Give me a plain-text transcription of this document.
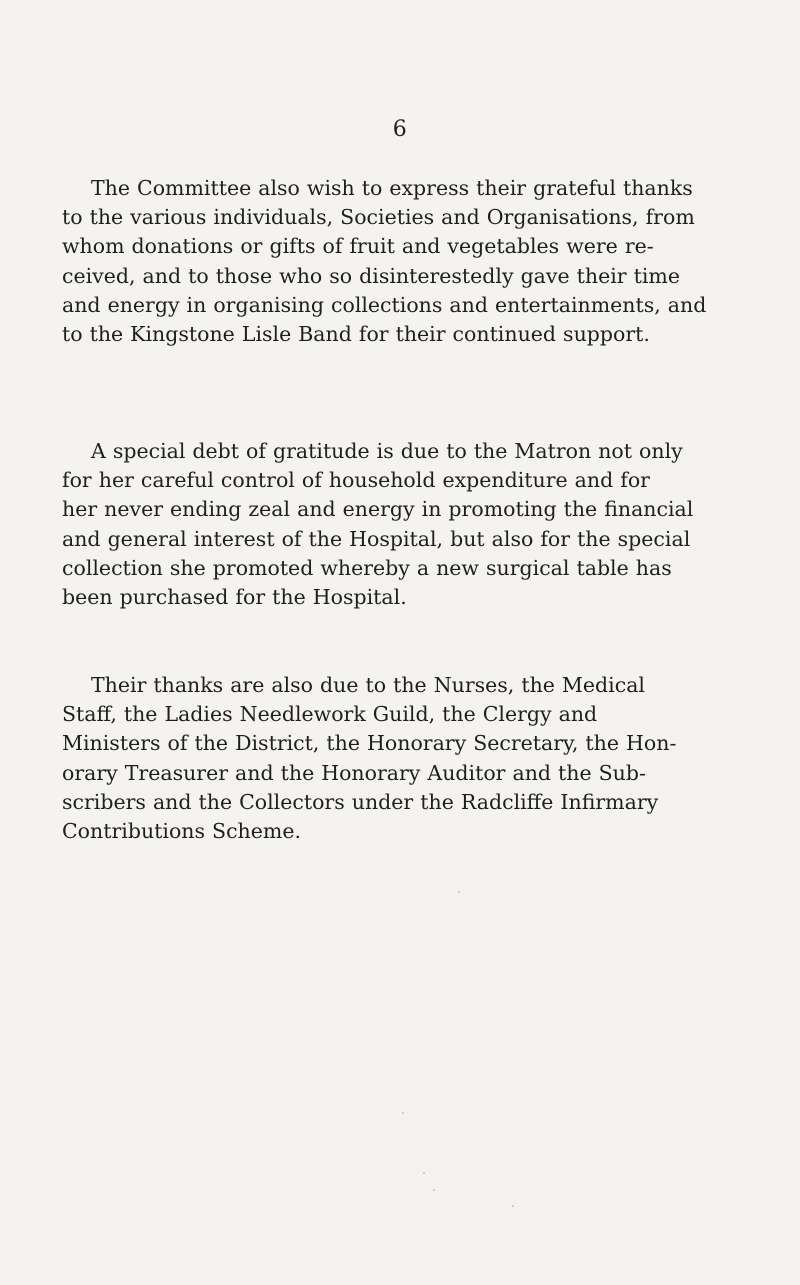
6
The Committee also wish to express their grateful thanks
to the various individuals, Societies and Organisations, from
whom donations or gifts of fruit and vegetables were re-
ceived, and to those who so disinterestedly gave their time
and energy in organising collections and entertainments, and
to the Kingstone Lisle Band for their continued support.
A special debt of gratitude is due to the Matron not only
for her careful control of household expenditure and for
her never ending zeal and energy in promoting the financial
and general interest of the Hospital, but also for the special
collection she promoted whereby a new surgical table has
been purchased for the Hospital.
Their thanks are also due to the Nurses, the Medical
Staff, the Ladies Needlework Guild, the Clergy and
Ministers of the District, the Honorary Secretary, the Hon-
orary Treasurer and the Honorary Auditor and the Sub-
scribers and the Collectors under the Radcliffe Infirmary
Contributions Scheme.
